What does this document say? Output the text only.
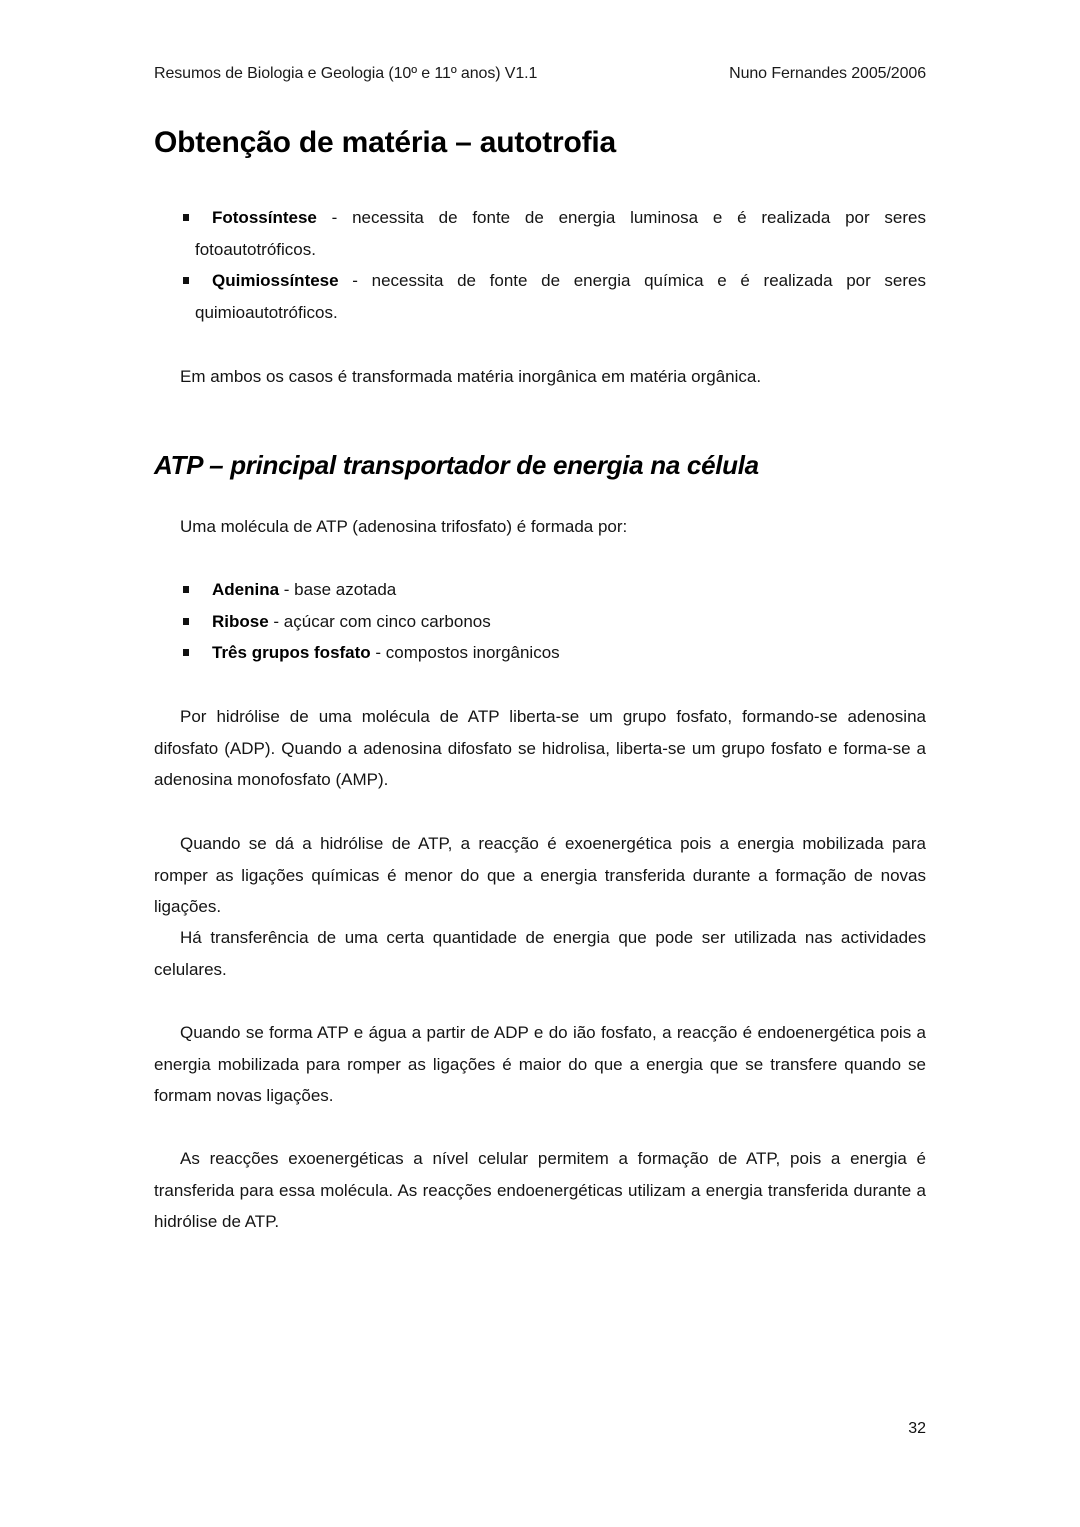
Resumos de Biologia e Geologia (10º e 11º anos) V1.1	Nuno Fernandes 2005/2006
Obtenção de matéria – autotrofia
Fotossíntese - necessita de fonte de energia luminosa e é realizada por seres fotoautotróficos.
Quimiossíntese - necessita de fonte de energia química e é realizada por seres quimioautotróficos.

Em ambos os casos é transformada matéria inorgânica em matéria orgânica.

ATP – principal transportador de energia na célula

Uma molécula de ATP (adenosina trifosfato) é formada por:

Adenina - base azotada
Ribose - açúcar com cinco carbonos
Três grupos fosfato - compostos inorgânicos

Por hidrólise de uma molécula de ATP liberta-se um grupo fosfato, formando-se adenosina difosfato (ADP). Quando a adenosina difosfato se hidrolisa, liberta-se um grupo fosfato e forma-se a adenosina monofosfato (AMP).

Quando se dá a hidrólise de ATP, a reacção é exoenergética pois a energia mobilizada para romper as ligações químicas é menor do que a energia transferida durante a formação de novas ligações.

Há transferência de uma certa quantidade de energia que pode ser utilizada nas actividades celulares.

Quando se forma ATP e água a partir de ADP e do ião fosfato, a reacção é endoenergética pois a energia mobilizada para romper as ligações é maior do que a energia que se transfere quando se formam novas ligações.

As reacções exoenergéticas a nível celular permitem a formação de ATP, pois a energia é transferida para essa molécula. As reacções endoenergéticas utilizam a energia transferida durante a hidrólise de ATP.

32
